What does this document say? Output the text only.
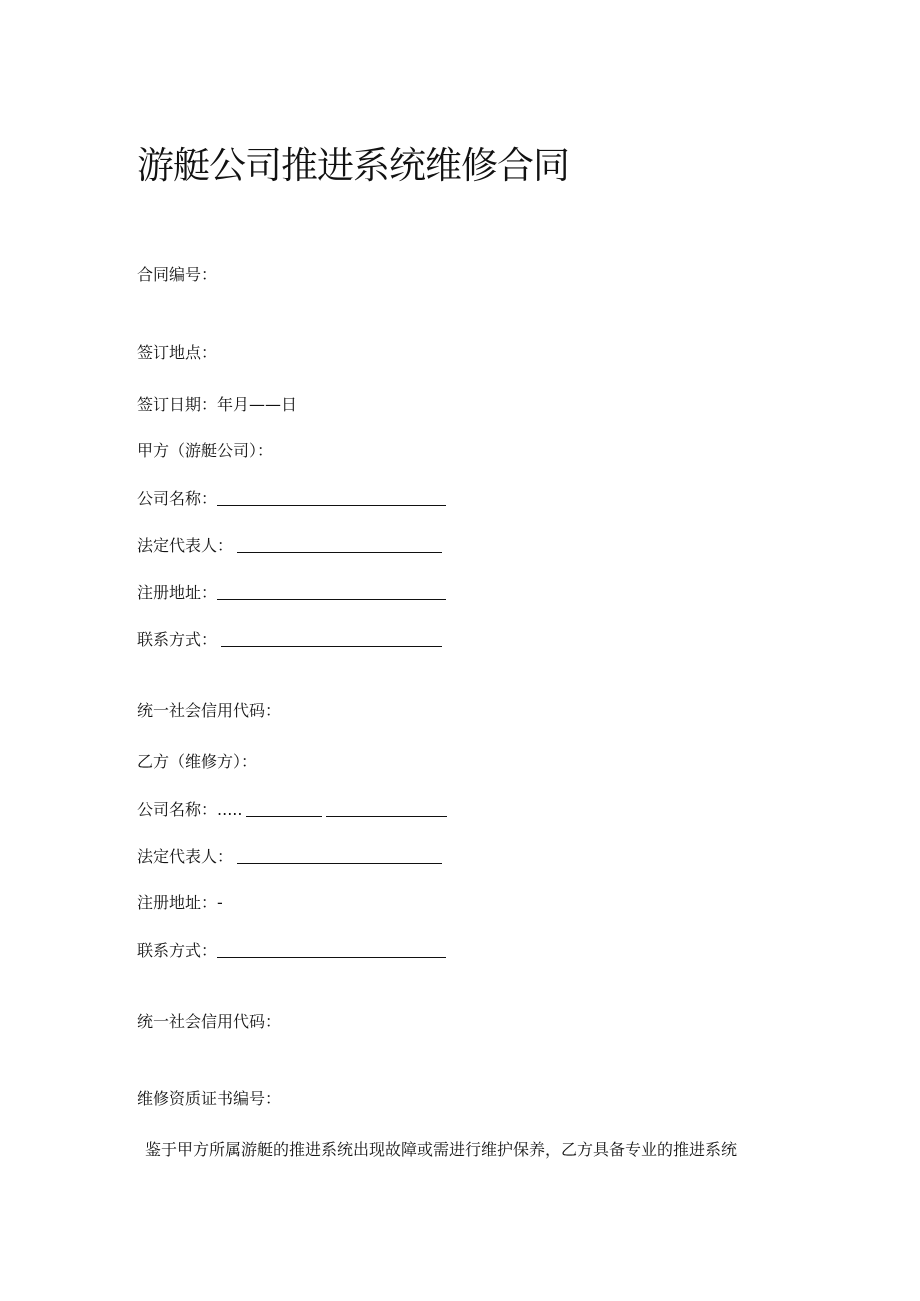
游艇公司推进系统维修合同
合同编号：
签订地点：
签订日期：年月——日
甲方（游艇公司）：
公司名称：
法定代表人：
注册地址：
联系方式：
统一社会信用代码：
乙方（维修方）：
公司名称：.....
法定代表人：
注册地址：-
联系方式：
统一社会信用代码：
维修资质证书编号：
鉴于甲方所属游艇的推进系统出现故障或需进行维护保养，乙方具备专业的推进系统
